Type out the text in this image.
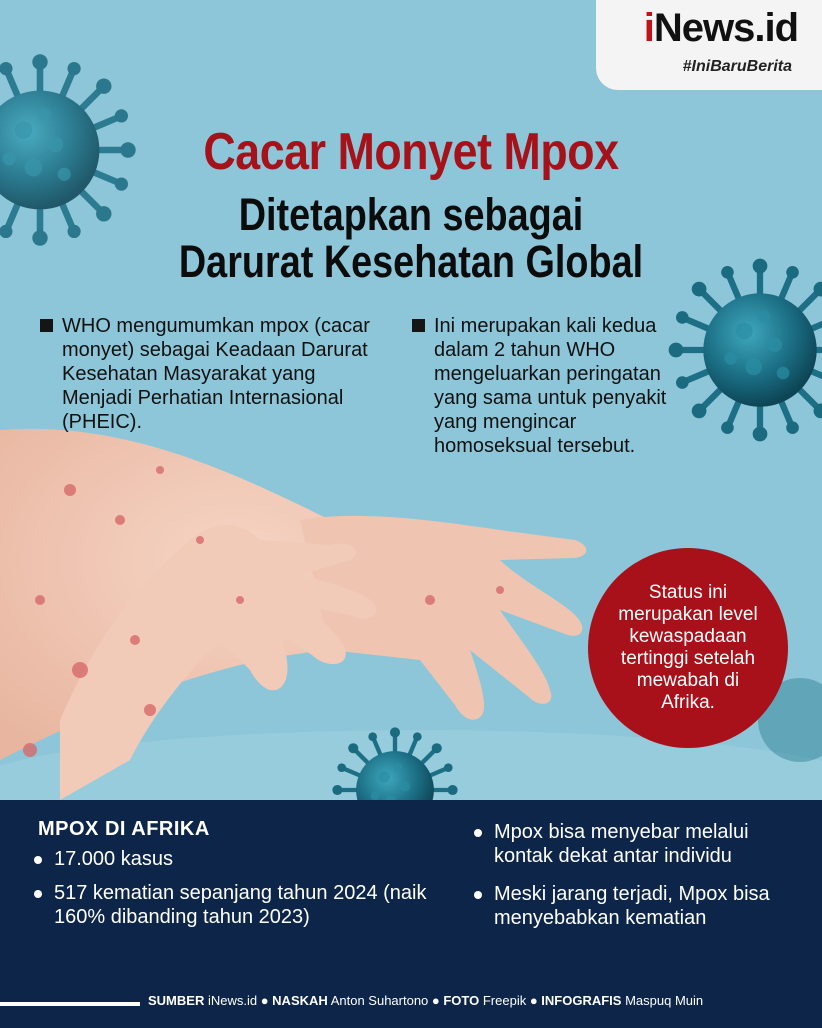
iNews.id
#IniBaruBerita
Cacar Monyet Mpox
Ditetapkan sebagai
Darurat Kesehatan Global

WHO mengumumkan mpox (cacar monyet) sebagai Keadaan Darurat Kesehatan Masyarakat yang Menjadi Perhatian Internasional (PHEIC).

Ini merupakan kali kedua dalam 2 tahun WHO mengeluarkan peringatan yang sama untuk penyakit yang mengincar homoseksual tersebut.

Status ini merupakan level kewaspadaan tertinggi setelah mewabah di Afrika.

MPOX DI AFRIKA

17.000 kasus

517 kematian sepanjang tahun 2024 (naik 160% dibanding tahun 2023)

Mpox bisa menyebar melalui kontak dekat antar individu

Meski jarang terjadi, Mpox bisa menyebabkan kematian

SUMBER iNews.id ● NASKAH Anton Suhartono ● FOTO Freepik ● INFOGRAFIS Maspuq Muin
